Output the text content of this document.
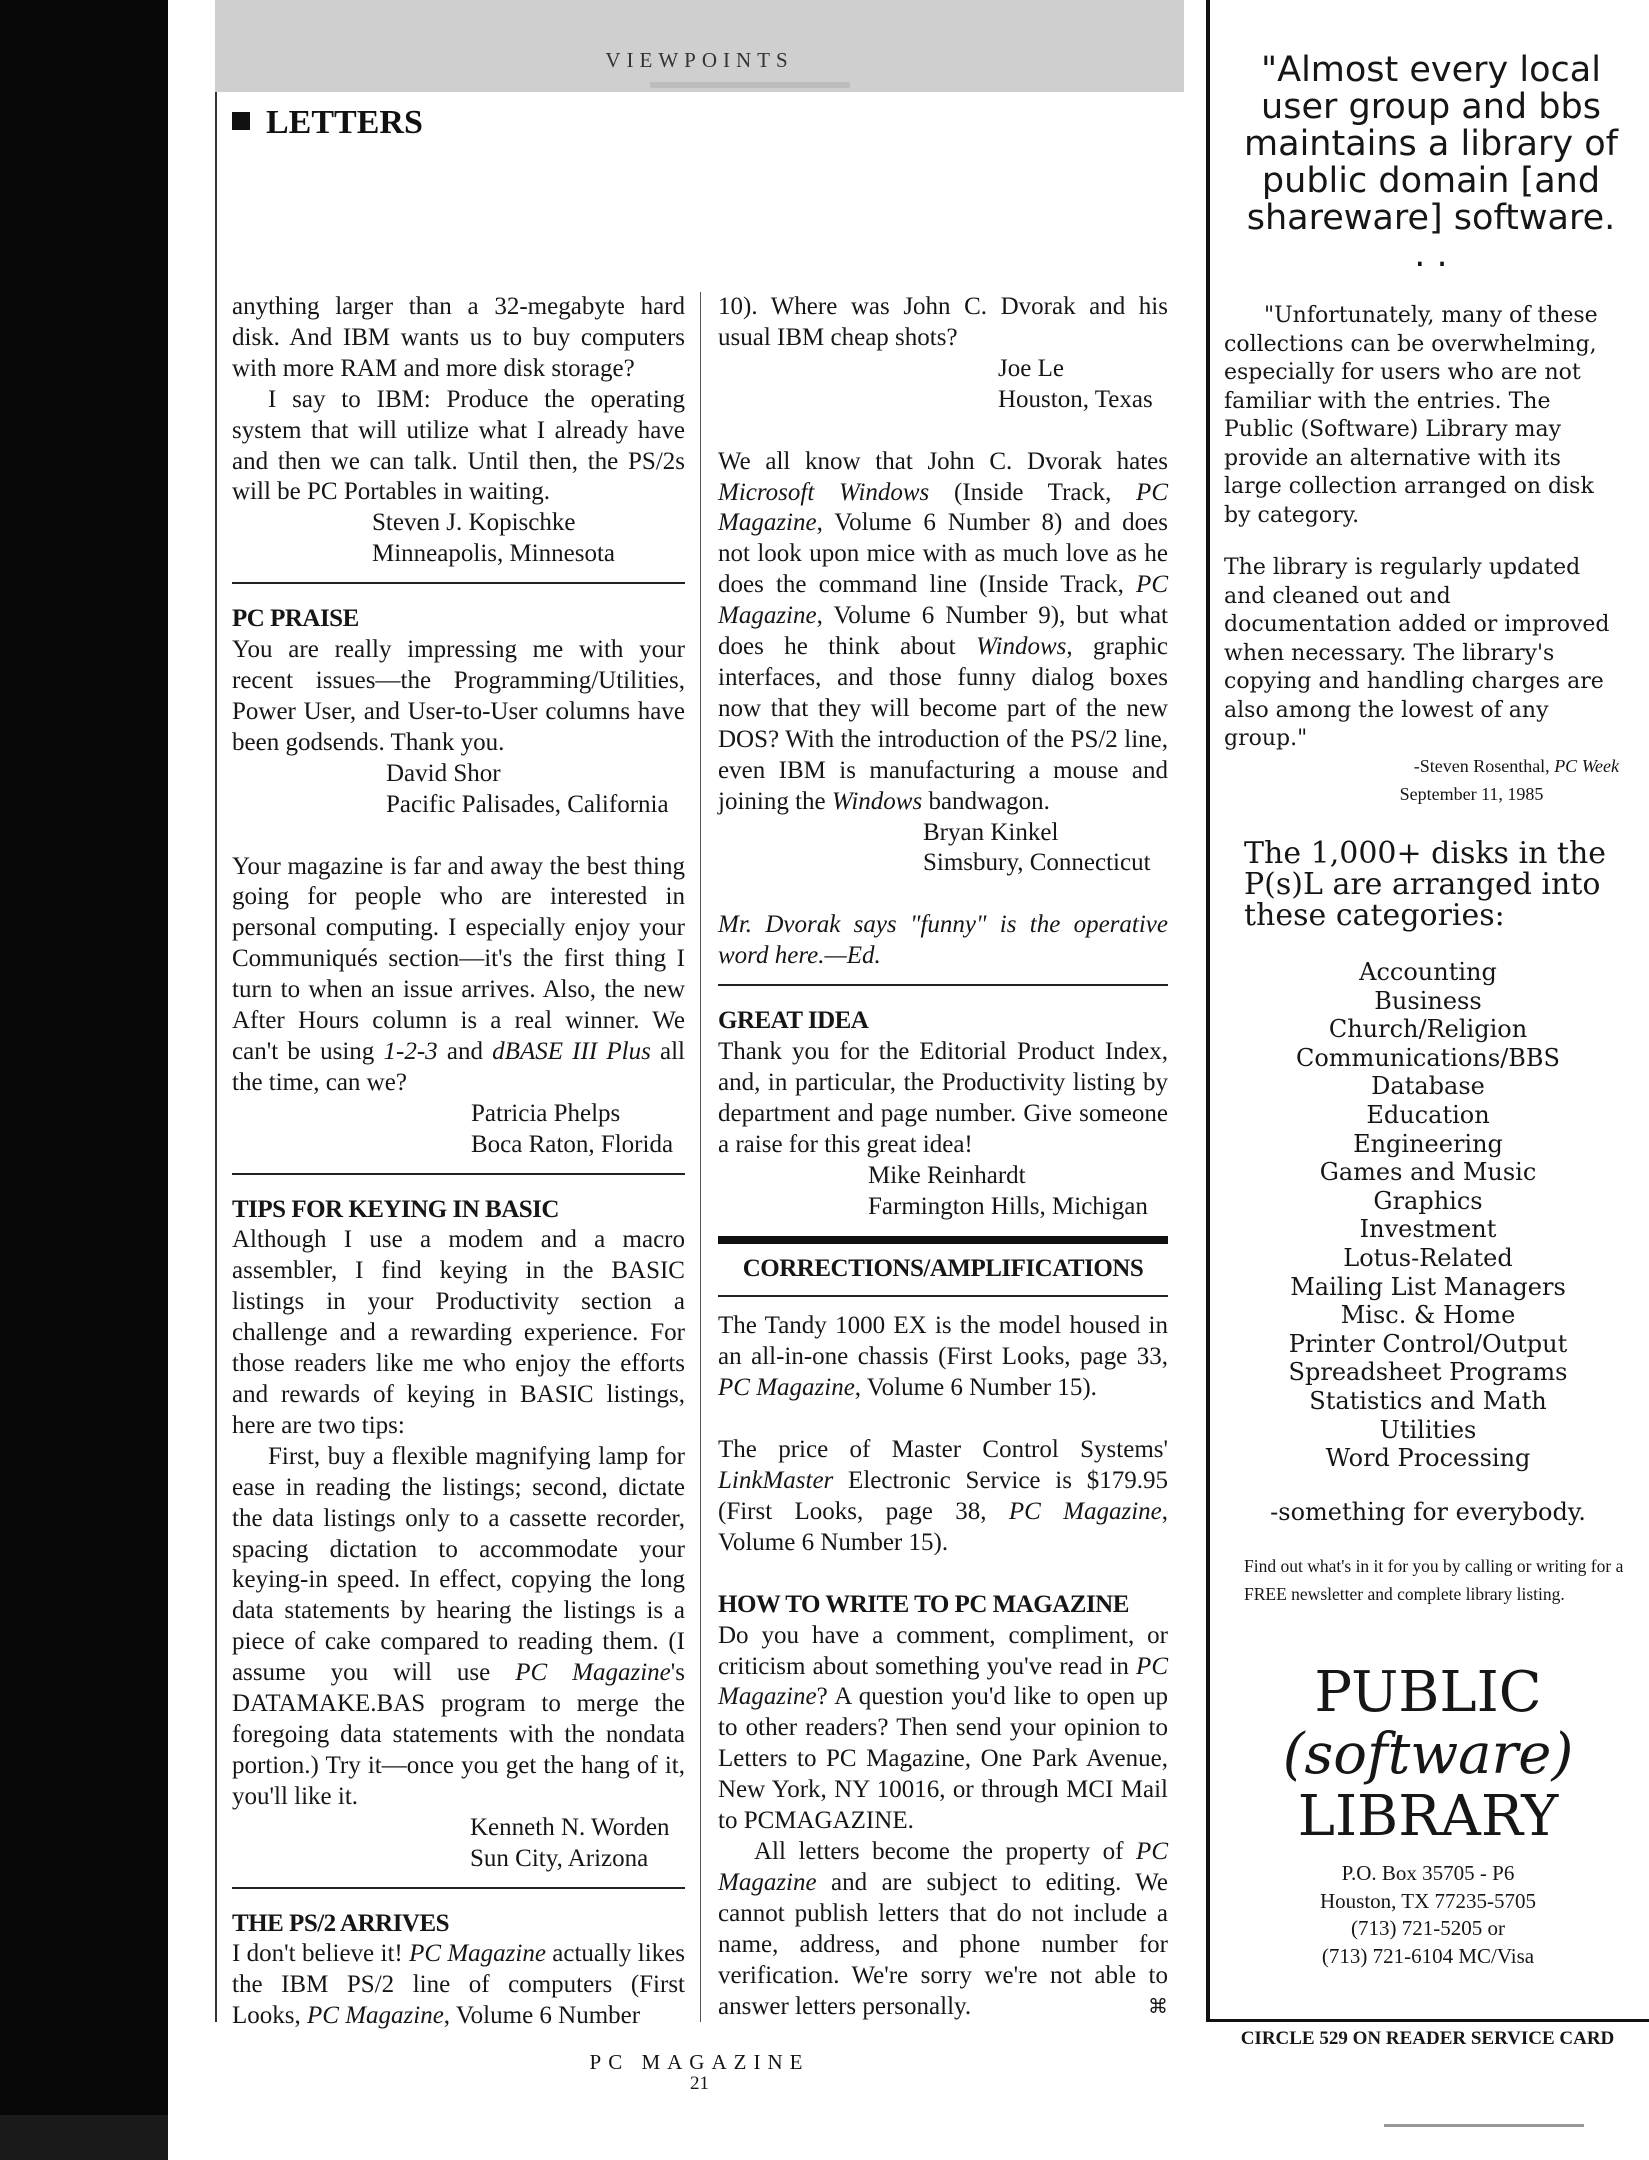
VIEWPOINTS
LETTERS

anything larger than a 32-megabyte hard disk. And IBM wants us to buy computers with more RAM and more disk storage?

I say to IBM: Produce the operating system that will utilize what I already have and then we can talk. Until then, the PS/2s will be PC Portables in waiting.

Steven J. Kopischke
Minneapolis, Minnesota
PC PRAISE

You are really impressing me with your recent issues—the Programming/Utilities, Power User, and User-to-User columns have been godsends. Thank you.

David Shor
Pacific Palisades, California

Your magazine is far and away the best thing going for people who are interested in personal computing. I especially enjoy your Communiqués section—it's the first thing I turn to when an issue arrives. Also, the new After Hours column is a real winner. We can't be using 1-2-3 and dBASE III Plus all the time, can we?

Patricia Phelps
Boca Raton, Florida
TIPS FOR KEYING IN BASIC

Although I use a modem and a macro assembler, I find keying in the BASIC listings in your Productivity section a challenge and a rewarding experience. For those readers like me who enjoy the efforts and rewards of keying in BASIC listings, here are two tips:

First, buy a flexible magnifying lamp for ease in reading the listings; second, dictate the data listings only to a cassette recorder, spacing dictation to accommodate your keying-in speed. In effect, copying the long data statements by hearing the listings is a piece of cake compared to reading them. (I assume you will use PC Magazine's DATAMAKE.BAS program to merge the foregoing data statements with the nondata portion.) Try it—once you get the hang of it, you'll like it.

Kenneth N. Worden
Sun City, Arizona
THE PS/2 ARRIVES

I don't believe it! PC Magazine actually likes the IBM PS/2 line of computers (First Looks, PC Magazine, Volume 6 Number

10). Where was John C. Dvorak and his usual IBM cheap shots?

Joe Le
Houston, Texas

We all know that John C. Dvorak hates Microsoft Windows (Inside Track, PC Magazine, Volume 6 Number 8) and does not look upon mice with as much love as he does the command line (Inside Track, PC Magazine, Volume 6 Number 9), but what does he think about Windows, graphic interfaces, and those funny dialog boxes now that they will become part of the new DOS? With the introduction of the PS/2 line, even IBM is manufacturing a mouse and joining the Windows bandwagon.

Bryan Kinkel
Simsbury, Connecticut

Mr. Dvorak says "funny" is the operative word here.—Ed.

GREAT IDEA

Thank you for the Editorial Product Index, and, in particular, the Productivity listing by department and page number. Give someone a raise for this great idea!

Mike Reinhardt
Farmington Hills, Michigan
CORRECTIONS/AMPLIFICATIONS

The Tandy 1000 EX is the model housed in an all-in-one chassis (First Looks, page 33, PC Magazine, Volume 6 Number 15).

The price of Master Control Systems' LinkMaster Electronic Service is $179.95 (First Looks, page 38, PC Magazine, Volume 6 Number 15).

HOW TO WRITE TO PC MAGAZINE

Do you have a comment, compliment, or criticism about something you've read in PC Magazine? A question you'd like to open up to other readers? Then send your opinion to Letters to PC Magazine, One Park Avenue, New York, NY 10016, or through MCI Mail to PCMAGAZINE.

All letters become the property of PC Magazine and are subject to editing. We cannot publish letters that do not include a name, address, and phone number for verification. We're sorry we're not able to answer letters personally.	⌘

"Almost every local user group and bbs maintains a library of public domain [and shareware] software. . .
"Unfortunately, many of these collections can be overwhelming, especially for users who are not familiar with the entries. The Public (Software) Library may provide an alternative with its large collection arranged on disk by category.
The library is regularly updated and cleaned out and documentation added or improved when necessary. The library's copying and handling charges are also among the lowest of any group."
-Steven Rosenthal, PC Week
September 11, 1985
The 1,000+ disks in the P(s)L are arranged into these categories:
Accounting
Business
Church/Religion
Communications/BBS
Database
Education
Engineering
Games and Music
Graphics
Investment
Lotus-Related
Mailing List Managers
Misc. & Home
Printer Control/Output
Spreadsheet Programs
Statistics and Math
Utilities
Word Processing
-something for everybody.
Find out what's in it for you by calling or writing for a FREE newsletter and complete library listing.
PUBLIC
(software)
LIBRARY
P.O. Box 35705 - P6
Houston, TX 77235-5705
(713) 721-5205 or
(713) 721-6104 MC/Visa
CIRCLE 529 ON READER SERVICE CARD
PC MAGAZINE
21
